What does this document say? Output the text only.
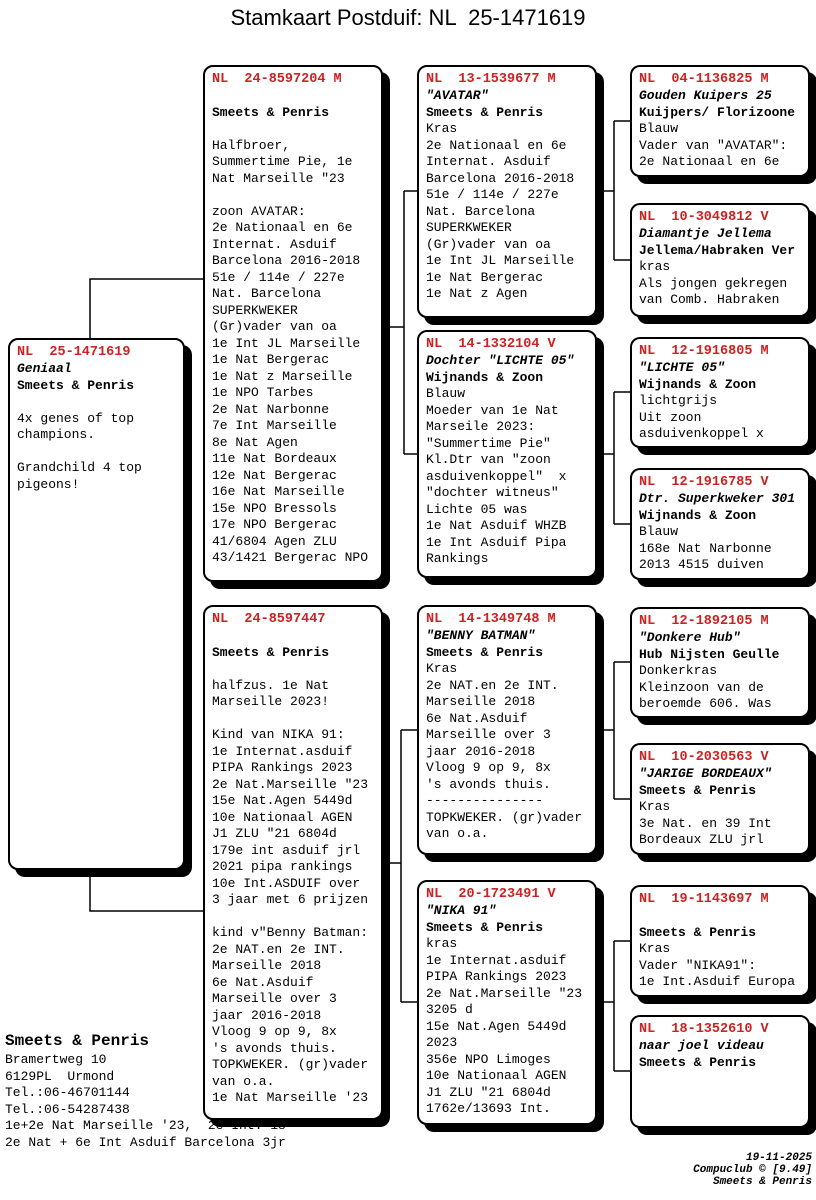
Stamkaart Postduif: NL  25-1471619
NL  25-1471619
Geniaal
Smeets & Penris
4x genes of top
champions.
Grandchild 4 top
pigeons!
NL  24-8597204 M
Smeets & Penris
Halfbroer,
Summertime Pie, 1e
Nat Marseille "23
zoon AVATAR:
2e Nationaal en 6e
Internat. Asduif
Barcelona 2016-2018
51e / 114e / 227e
Nat. Barcelona
SUPERKWEKER
(Gr)vader van oa
1e Int JL Marseille
1e Nat Bergerac
1e Nat z Marseille
1e NPO Tarbes
2e Nat Narbonne
7e Int Marseille
8e Nat Agen
11e Nat Bordeaux
12e Nat Bergerac
16e Nat Marseille
15e NPO Bressols
17e NPO Bergerac
41/6804 Agen ZLU
43/1421 Bergerac NPO
NL  24-8597447
Smeets & Penris
halfzus. 1e Nat
Marseille 2023!
Kind van NIKA 91:
1e Internat.asduif
PIPA Rankings 2023
2e Nat.Marseille "23
15e Nat.Agen 5449d
10e Nationaal AGEN
J1 ZLU "21 6804d
179e int asduif jrl
2021 pipa rankings
10e Int.ASDUIF over
3 jaar met 6 prijzen
kind v"Benny Batman:
2e NAT.en 2e INT.
Marseille 2018
6e Nat.Asduif
Marseille over 3
jaar 2016-2018
Vloog 9 op 9, 8x
's avonds thuis.
TOPKWEKER. (gr)vader
van o.a.
1e Nat Marseille '23
NL  13-1539677 M
"AVATAR"
Smeets & Penris
Kras
2e Nationaal en 6e
Internat. Asduif
Barcelona 2016-2018
51e / 114e / 227e
Nat. Barcelona
SUPERKWEKER
(Gr)vader van oa
1e Int JL Marseille
1e Nat Bergerac
1e Nat z Agen
NL  14-1332104 V
Dochter "LICHTE 05"
Wijnands & Zoon
Blauw
Moeder van 1e Nat
Marseile 2023:
"Summertime Pie"
Kl.Dtr van "zoon
asduivenkoppel"  x
"dochter witneus"
Lichte 05 was
1e Nat Asduif WHZB
1e Int Asduif Pipa
Rankings
NL  14-1349748 M
"BENNY BATMAN"
Smeets & Penris
Kras
2e NAT.en 2e INT.
Marseille 2018
6e Nat.Asduif
Marseille over 3
jaar 2016-2018
Vloog 9 op 9, 8x
's avonds thuis.
---------------
TOPKWEKER. (gr)vader
van o.a.
NL  20-1723491 V
"NIKA 91"
Smeets & Penris
kras
1e Internat.asduif
PIPA Rankings 2023
2e Nat.Marseille "23
3205 d
15e Nat.Agen 5449d
2023
356e NPO Limoges
10e Nationaal AGEN
J1 ZLU "21 6804d
1762e/13693 Int.
NL  04-1136825 M
Gouden Kuipers 25
Kuijpers/ Florizoone
Blauw
Vader van "AVATAR":
2e Nationaal en 6e
NL  10-3049812 V
Diamantje Jellema
Jellema/Habraken Ver
kras
Als jongen gekregen
van Comb. Habraken
NL  12-1916805 M
"LICHTE 05"
Wijnands & Zoon
lichtgrijs
Uit zoon
asduivenkoppel x
NL  12-1916785 V
Dtr. Superkweker 301
Wijnands & Zoon
Blauw
168e Nat Narbonne
2013 4515 duiven
NL  12-1892105 M
"Donkere Hub"
Hub Nijsten Geulle
Donkerkras
Kleinzoon van de
beroemde 606. Was
NL  10-2030563 V
"JARIGE BORDEAUX"
Smeets & Penris
Kras
3e Nat. en 39 Int
Bordeaux ZLU jrl
NL  19-1143697 M
Smeets & Penris
Kras
Vader "NIKA91":
1e Int.Asduif Europa
NL  18-1352610 V
naar joel videau
Smeets & Penris
Smeets & Penris
Bramertweg 10
6129PL  Urmond
Tel.:06-46701144
Tel.:06-54287438
1e+2e Nat Marseille '23,  2e Int.'18
2e Nat + 6e Int Asduif Barcelona 3jr

19-11-2025
Compuclub © [9.49]
Smeets & Penris
